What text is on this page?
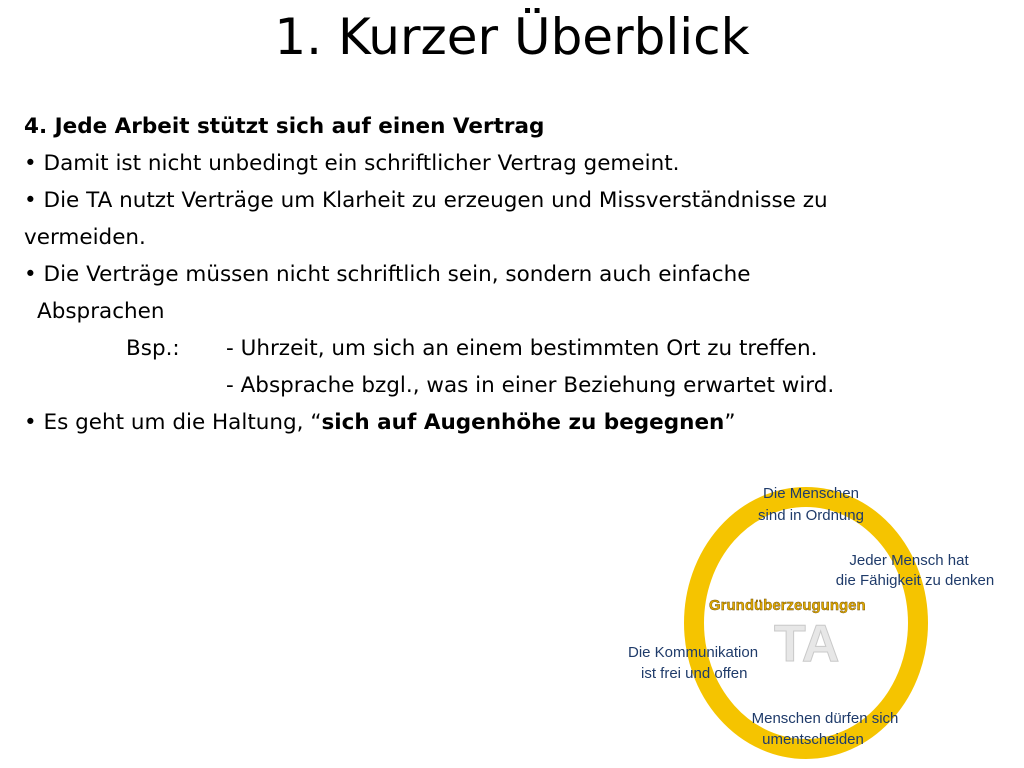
1. Kurzer Überblick
4. Jede Arbeit stützt sich auf einen Vertrag
• Damit ist nicht unbedingt ein schriftlicher Vertrag gemeint.
• Die TA nutzt Verträge um Klarheit zu erzeugen und Missverständnisse zu
vermeiden.
• Die Verträge müssen nicht schriftlich sein, sondern auch einfache
Absprachen
Bsp.: - Uhrzeit, um sich an einem bestimmten Ort zu treffen.
- Absprache bzgl., was in einer Beziehung erwartet wird.
• Es geht um die Haltung, “sich auf Augenhöhe zu begegnen”
TA
Grundüberzeugungen
Die Menschen
sind in Ordnung
Jeder Mensch hat
die Fähigkeit zu denken
Die Kommunikation
ist frei und offen
Menschen dürfen sich
umentscheiden
